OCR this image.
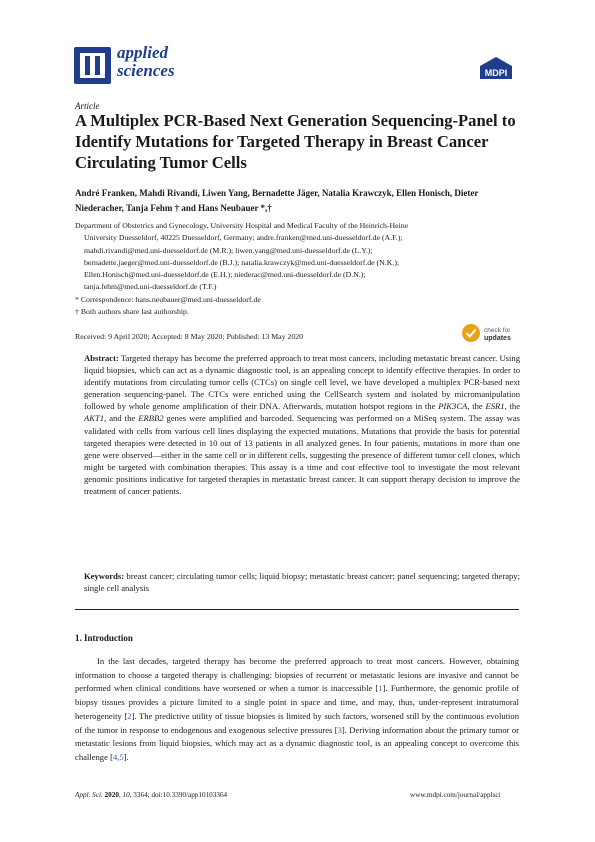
applied
sciences	MDPI
Article
A Multiplex PCR-Based Next Generation Sequencing-Panel to Identify Mutations for Targeted Therapy in Breast Cancer Circulating Tumor Cells
André Franken, Mahdi Rivandi, Liwen Yang, Bernadette Jäger, Natalia Krawczyk, Ellen Honisch, Dieter Niederacher, Tanja Fehm † and Hans Neubauer *,†

Department of Obstetrics and Gynecology, University Hospital and Medical Faculty of the Heinrich-Heine

University Duesseldorf, 40225 Duesseldorf, Germany; andre.franken@med.uni-duesseldorf.de (A.F.);

mahdi.rivandi@med.uni-duesseldorf.de (M.R.); liwen.yang@med.uni-duesseldorf.de (L.Y.);

bernadette.jaeger@med.uni-duesseldorf.de (B.J.); natalia.krawczyk@med.uni-duesseldorf.de (N.K.);

Ellen.Honisch@med.uni-duesseldorf.de (E.H.); niederac@med.uni-duesseldorf.de (D.N.);

tanja.fehm@med.uni-duesseldorf.de (T.F.)

* Correspondence: hans.neubauer@med.uni-duesseldorf.de

† Both authors share last authorship.

Received: 9 April 2020; Accepted: 8 May 2020; Published: 13 May 2020
check for
updates
Abstract: Targeted therapy has become the preferred approach to treat most cancers, including metastatic breast cancer. Using liquid biopsies, which can act as a dynamic diagnostic tool, is an appealing concept to identify effective therapies. In order to identify mutations from circulating tumor cells (CTCs) on single cell level, we have developed a multiplex PCR-based next generation sequencing-panel. The CTCs were enriched using the CellSearch system and isolated by micromanipulation followed by whole genome amplification of their DNA. Afterwards, mutation hotspot regions in the PIK3CA, the ESR1, the AKT1, and the ERBB2 genes were amplified and barcoded. Sequencing was performed on a MiSeq system. The assay was validated with cells from various cell lines displaying the expected mutations. Mutations that provide the basis for potential targeted therapies were detected in 10 out of 13 patients in all analyzed genes. In four patients, mutations in more than one gene were observed—either in the same cell or in different cells, suggesting the presence of different tumor cell clones, which might be targeted with combination therapies. This assay is a time and cost effective tool to investigate the most relevant genomic positions indicative for targeted therapies in metastatic breast cancer. It can support therapy decision to improve the treatment of cancer patients.
Keywords: breast cancer; circulating tumor cells; liquid biopsy; metastatic breast cancer; panel sequencing; targeted therapy; single cell analysis
1. Introduction
In the last decades, targeted therapy has become the preferred approach to treat most cancers. However, obtaining information to choose a targeted therapy is challenging: biopsies of recurrent or metastatic lesions are invasive and cannot be performed when clinical conditions have worsened or when a tumor is inaccessible [1]. Furthermore, the genomic profile of biopsy tissues provides a picture limited to a single point in space and time, and may, thus, under-represent intratumoral heterogeneity [2]. The predictive utility of tissue biopsies is limited by such factors, worsened still by the continuous evolution of the tumor in response to endogenous and exogenous selective pressures [3]. Deriving information about the primary tumor or metastatic lesions from liquid biopsies, which may act as a dynamic diagnostic tool, is an appealing concept to overcome this challenge [4,5].
Appl. Sci. 2020, 10, 3364; doi:10.3390/app10103364	www.mdpi.com/journal/applsci
